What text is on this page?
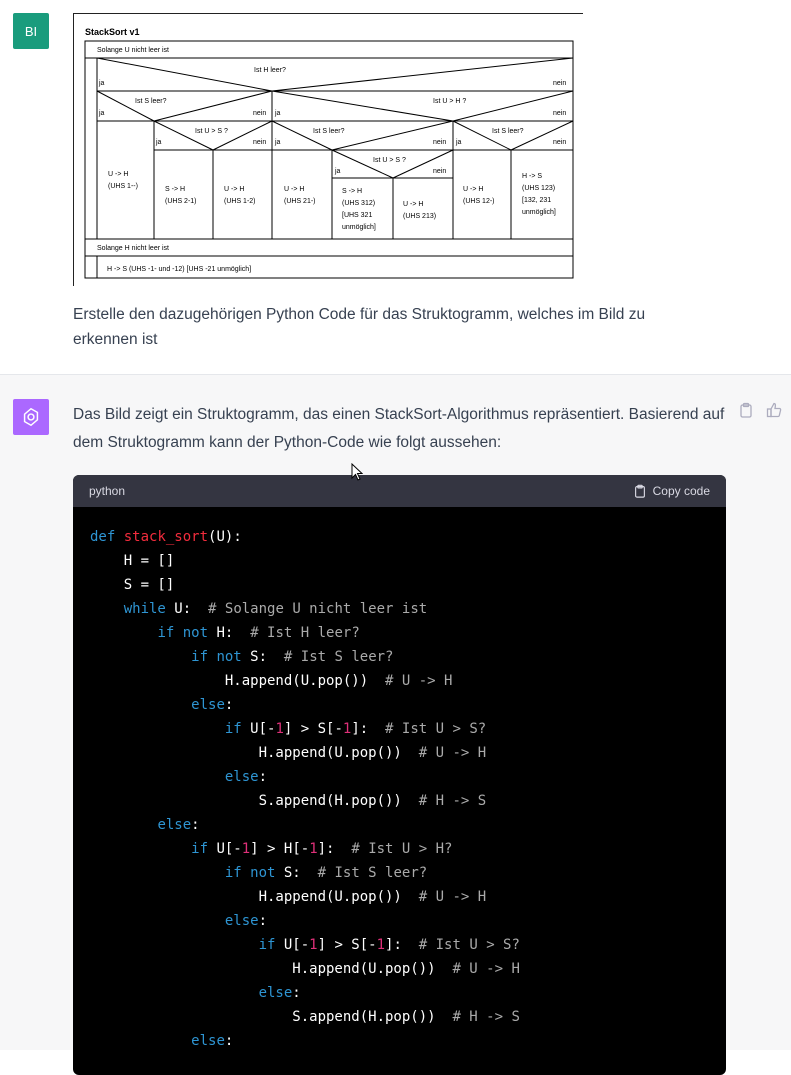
BI	StackSort v1
Solange U nicht leer ist
Ist H leer?
ja	nein
Ist S leer?
ja	nein
Ist U > H ?
ja	nein
Ist U > S ?
ja	nein
Ist S leer?
ja	nein
Ist S leer?
ja	nein
Ist U > S ?
ja	nein
U -> H
(UHS 1--)	S -> H
(UHS 2-1)
U -> H
(UHS 1-2)
U -> H
(UHS 21-)
S -> H
(UHS 312)
[UHS 321
unmöglich]
U -> H
(UHS 213)
U -> H
(UHS 12-)
H -> S
(UHS 123)
[132, 231
unmöglich]
Solange H nicht leer ist
H -> S (UHS -1- und -12) [UHS -21 unmöglich]
Erstelle den dazugehörigen Python Code für das Struktogramm, welches im Bild zu erkennen ist
Das Bild zeigt ein Struktogramm, das einen StackSort-Algorithmus repräsentiert. Basierend auf dem Struktogramm kann der Python-Code wie folgt aussehen:
python	Copy code
def stack_sort(U):
H = []
S = []
while U:  # Solange U nicht leer ist
if not H:  # Ist H leer?
if not S:  # Ist S leer?
H.append(U.pop())  # U -> H
else:
if U[-1] > S[-1]:  # Ist U > S?
H.append(U.pop())  # U -> H
else:
S.append(H.pop())  # H -> S
else:
if U[-1] > H[-1]:  # Ist U > H?
if not S:  # Ist S leer?
H.append(U.pop())  # U -> H
else:
if U[-1] > S[-1]:  # Ist U > S?
H.append(U.pop())  # U -> H
else:
S.append(H.pop())  # H -> S
else:
